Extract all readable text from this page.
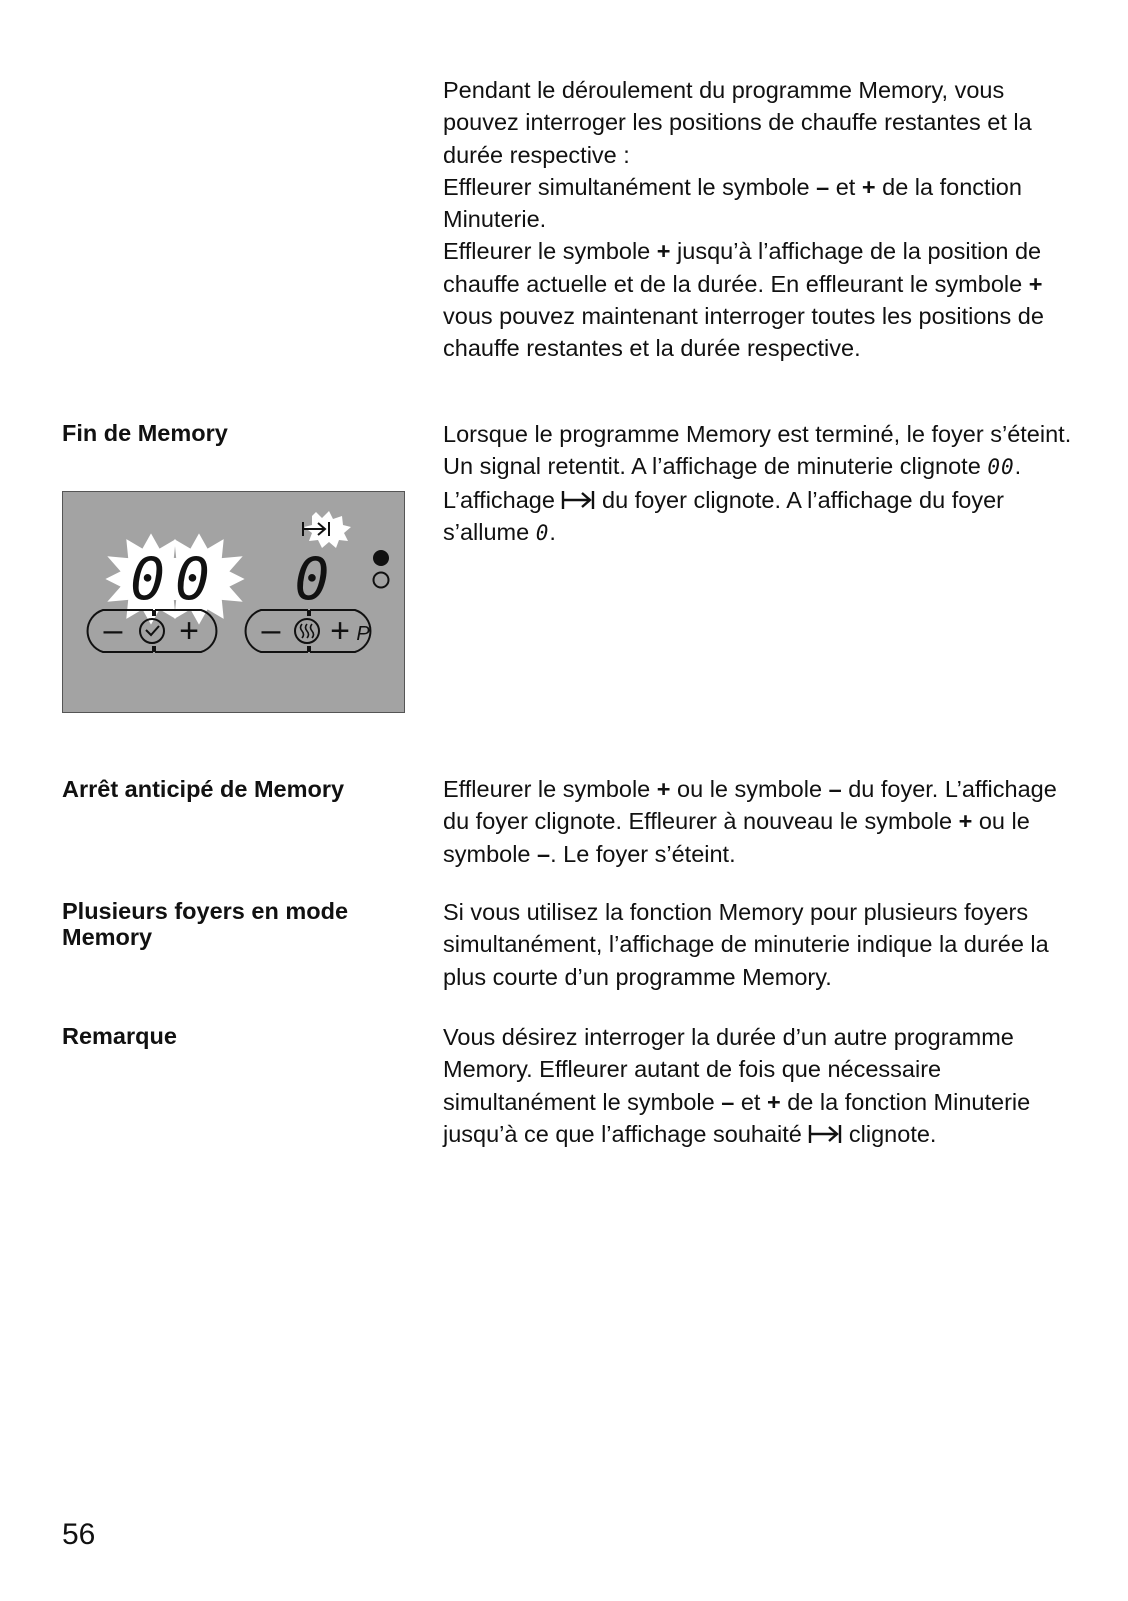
Pendant le déroulement du programme Memory, vous pouvez interroger les positions de chauffe restantes et la durée respective :

Effleurer simultanément le symbole – et + de la fonction Minuterie.

Effleurer le symbole + jusqu’à l’affichage de la position de chauffe actuelle et de la durée. En effleurant le symbole + vous pouvez maintenant interroger toutes les positions de chauffe restantes et la durée respective.

Fin de Memory	Lorsque le programme Memory est terminé, le foyer s’éteint. Un signal retentit. A l’affichage de minuterie clignote 00. L’affichage du foyer clignote. A l’affichage du foyer s’allume 0.

00 0
– + – + P
Arrêt anticipé de Memory	Effleurer le symbole + ou le symbole – du foyer. L’affichage du foyer clignote. Effleurer à nouveau le symbole + ou le symbole –. Le foyer s’éteint.

Plusieurs foyers en mode Memory

Si vous utilisez la fonction Memory pour plusieurs foyers simultanément, l’affichage de minuterie indique la durée la plus courte d’un programme Memory.

Remarque	Vous désirez interroger la durée d’un autre programme Memory. Effleurer autant de fois que nécessaire simultanément le symbole – et + de la fonction Minuterie jusqu’à ce que l’affichage souhaité clignote.

56
